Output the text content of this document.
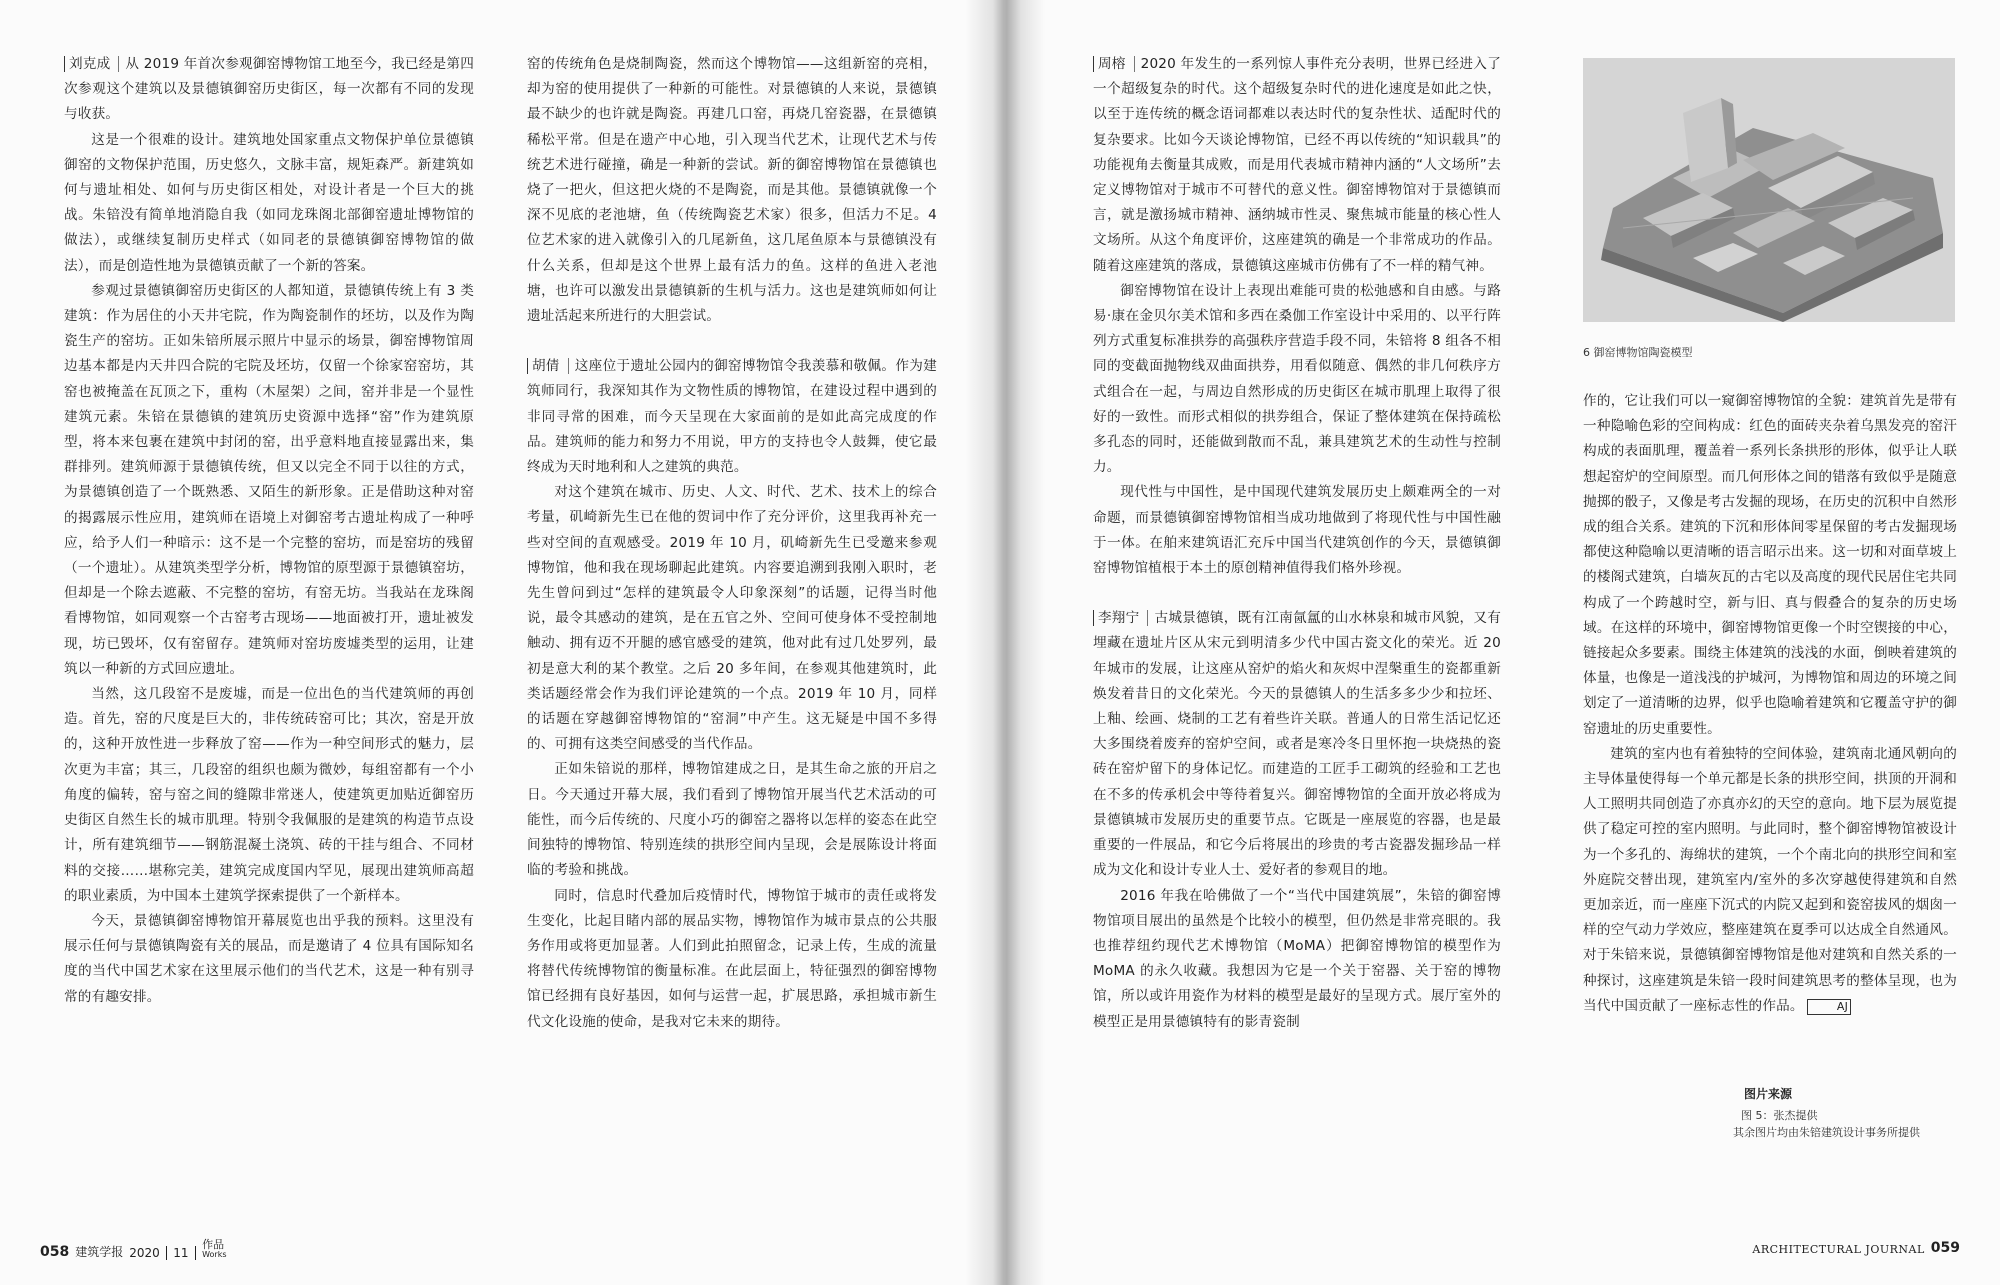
刘克成 从 2019 年首次参观御窑博物馆工地至今，我已经是第四次参观这个建筑以及景德镇御窑历史街区，每一次都有不同的发现与收获。

这是一个很难的设计。建筑地处国家重点文物保护单位景德镇御窑的文物保护范围，历史悠久，文脉丰富，规矩森严。新建筑如何与遗址相处、如何与历史街区相处，对设计者是一个巨大的挑战。朱锫没有简单地消隐自我（如同龙珠阁北部御窑遗址博物馆的做法），或继续复制历史样式（如同老的景德镇御窑博物馆的做法），而是创造性地为景德镇贡献了一个新的答案。

参观过景德镇御窑历史街区的人都知道，景德镇传统上有 3 类建筑：作为居住的小天井宅院，作为陶瓷制作的坯坊，以及作为陶瓷生产的窑坊。正如朱锫所展示照片中显示的场景，御窑博物馆周边基本都是内天井四合院的宅院及坯坊，仅留一个徐家窑窑坊，其窑也被掩盖在瓦顶之下，重构（木屋架）之间，窑并非是一个显性建筑元素。朱锫在景德镇的建筑历史资源中选择“窑”作为建筑原型，将本来包裹在建筑中封闭的窑，出乎意料地直接显露出来，集群排列。建筑师源于景德镇传统，但又以完全不同于以往的方式，为景德镇创造了一个既熟悉、又陌生的新形象。正是借助这种对窑的揭露展示性应用，建筑师在语境上对御窑考古遗址构成了一种呼应，给予人们一种暗示：这不是一个完整的窑坊，而是窑坊的残留（一个遗址）。从建筑类型学分析，博物馆的原型源于景德镇窑坊，但却是一个除去遮蔽、不完整的窑坊，有窑无坊。当我站在龙珠阁看博物馆，如同观察一个古窑考古现场——地面被打开，遗址被发现，坊已毁坏，仅有窑留存。建筑师对窑坊废墟类型的运用，让建筑以一种新的方式回应遗址。

当然，这几段窑不是废墟，而是一位出色的当代建筑师的再创造。首先，窑的尺度是巨大的，非传统砖窑可比；其次，窑是开放的，这种开放性进一步释放了窑——作为一种空间形式的魅力，层次更为丰富；其三，几段窑的组织也颇为微妙，每组窑都有一个小角度的偏转，窑与窑之间的缝隙非常迷人，使建筑更加贴近御窑历史街区自然生长的城市肌理。特别令我佩服的是建筑的构造节点设计，所有建筑细节——钢筋混凝土浇筑、砖的干挂与组合、不同材料的交接……堪称完美，建筑完成度国内罕见，展现出建筑师高超的职业素质，为中国本土建筑学探索提供了一个新样本。

今天，景德镇御窑博物馆开幕展览也出乎我的预料。这里没有展示任何与景德镇陶瓷有关的展品，而是邀请了 4 位具有国际知名度的当代中国艺术家在这里展示他们的当代艺术，这是一种有别寻常的有趣安排。

窑的传统角色是烧制陶瓷，然而这个博物馆——这组新窑的亮相，却为窑的使用提供了一种新的可能性。对景德镇的人来说，景德镇最不缺少的也许就是陶瓷。再建几口窑，再烧几窑瓷器，在景德镇稀松平常。但是在遗产中心地，引入现当代艺术，让现代艺术与传统艺术进行碰撞，确是一种新的尝试。新的御窑博物馆在景德镇也烧了一把火，但这把火烧的不是陶瓷，而是其他。景德镇就像一个深不见底的老池塘，鱼（传统陶瓷艺术家）很多，但活力不足。4 位艺术家的进入就像引入的几尾新鱼，这几尾鱼原本与景德镇没有什么关系，但却是这个世界上最有活力的鱼。这样的鱼进入老池塘，也许可以激发出景德镇新的生机与活力。这也是建筑师如何让遗址活起来所进行的大胆尝试。

胡倩 这座位于遗址公园内的御窑博物馆令我羡慕和敬佩。作为建筑师同行，我深知其作为文物性质的博物馆，在建设过程中遇到的非同寻常的困难，而今天呈现在大家面前的是如此高完成度的作品。建筑师的能力和努力不用说，甲方的支持也令人鼓舞，使它最终成为天时地利和人之建筑的典范。

对这个建筑在城市、历史、人文、时代、艺术、技术上的综合考量，矶崎新先生已在他的贺词中作了充分评价，这里我再补充一些对空间的直观感受。2019 年 10 月，矶崎新先生已受邀来参观博物馆，他和我在现场聊起此建筑。内容要追溯到我刚入职时，老先生曾问到过“怎样的建筑最令人印象深刻”的话题，记得当时他说，最令其感动的建筑，是在五官之外、空间可使身体不受控制地触动、拥有迈不开腿的感官感受的建筑，他对此有过几处罗列，最初是意大利的某个教堂。之后 20 多年间，在参观其他建筑时，此类话题经常会作为我们评论建筑的一个点。2019 年 10 月，同样的话题在穿越御窑博物馆的“窑洞”中产生。这无疑是中国不多得的、可拥有这类空间感受的当代作品。

正如朱锫说的那样，博物馆建成之日，是其生命之旅的开启之日。今天通过开幕大展，我们看到了博物馆开展当代艺术活动的可能性，而今后传统的、尺度小巧的御窑之器将以怎样的姿态在此空间独特的博物馆、特别连续的拱形空间内呈现，会是展陈设计将面临的考验和挑战。

同时，信息时代叠加后疫情时代，博物馆于城市的责任或将发生变化，比起目睹内部的展品实物，博物馆作为城市景点的公共服务作用或将更加显著。人们到此拍照留念，记录上传，生成的流量将替代传统博物馆的衡量标准。在此层面上，特征强烈的御窑博物馆已经拥有良好基因，如何与运营一起，扩展思路，承担城市新生代文化设施的使命，是我对它未来的期待。

周榕 2020 年发生的一系列惊人事件充分表明，世界已经进入了一个超级复杂的时代。这个超级复杂时代的进化速度是如此之快，以至于连传统的概念语词都难以表达时代的复杂性状、适配时代的复杂要求。比如今天谈论博物馆，已经不再以传统的“知识载具”的功能视角去衡量其成败，而是用代表城市精神内涵的“人文场所”去定义博物馆对于城市不可替代的意义性。御窑博物馆对于景德镇而言，就是激扬城市精神、涵纳城市性灵、聚焦城市能量的核心性人文场所。从这个角度评价，这座建筑的确是一个非常成功的作品。随着这座建筑的落成，景德镇这座城市仿佛有了不一样的精气神。

御窑博物馆在设计上表现出难能可贵的松弛感和自由感。与路易·康在金贝尔美术馆和多西在桑伽工作室设计中采用的、以平行阵列方式重复标准拱券的高强秩序营造手段不同，朱锫将 8 组各不相同的变截面抛物线双曲面拱券，用看似随意、偶然的非几何秩序方式组合在一起，与周边自然形成的历史街区在城市肌理上取得了很好的一致性。而形式相似的拱券组合，保证了整体建筑在保持疏松多孔态的同时，还能做到散而不乱，兼具建筑艺术的生动性与控制力。

现代性与中国性，是中国现代建筑发展历史上颇难两全的一对命题，而景德镇御窑博物馆相当成功地做到了将现代性与中国性融于一体。在舶来建筑语汇充斥中国当代建筑创作的今天，景德镇御窑博物馆植根于本土的原创精神值得我们格外珍视。

李翔宁 古城景德镇，既有江南氤氲的山水林泉和城市风貌，又有埋藏在遗址片区从宋元到明清多少代中国古瓷文化的荣光。近 20 年城市的发展，让这座从窑炉的焰火和灰烬中涅槃重生的瓷都重新焕发着昔日的文化荣光。今天的景德镇人的生活多多少少和拉坯、上釉、绘画、烧制的工艺有着些许关联。普通人的日常生活记忆还大多围绕着废弃的窑炉空间，或者是寒冷冬日里怀抱一块烧热的瓷砖在窑炉留下的身体记忆。而建造的工匠手工砌筑的经验和工艺也在不多的传承机会中等待着复兴。御窑博物馆的全面开放必将成为景德镇城市发展历史的重要节点。它既是一座展览的容器，也是最重要的一件展品，和它今后将展出的珍贵的考古瓷器发掘珍品一样成为文化和设计专业人士、爱好者的参观目的地。

2016 年我在哈佛做了一个“当代中国建筑展”，朱锫的御窑博物馆项目展出的虽然是个比较小的模型，但仍然是非常亮眼的。我也推荐纽约现代艺术博物馆（MoMA）把御窑博物馆的模型作为 MoMA 的永久收藏。我想因为它是一个关于窑器、关于窑的博物馆，所以或许用瓷作为材料的模型是最好的呈现方式。展厅室外的模型正是用景德镇特有的影青瓷制

作的，它让我们可以一窥御窑博物馆的全貌：建筑首先是带有一种隐喻色彩的空间构成：红色的面砖夹杂着乌黑发亮的窑汗构成的表面肌理，覆盖着一系列长条拱形的形体，似乎让人联想起窑炉的空间原型。而几何形体之间的错落有致似乎是随意抛掷的骰子，又像是考古发掘的现场，在历史的沉积中自然形成的组合关系。建筑的下沉和形体间零星保留的考古发掘现场都使这种隐喻以更清晰的语言昭示出来。这一切和对面草坡上的楼阁式建筑，白墙灰瓦的古宅以及高度的现代民居住宅共同构成了一个跨越时空，新与旧、真与假叠合的复杂的历史场域。在这样的环境中，御窑博物馆更像一个时空锲接的中心，链接起众多要素。围绕主体建筑的浅浅的水面，倒映着建筑的体量，也像是一道浅浅的护城河，为博物馆和周边的环境之间划定了一道清晰的边界，似乎也隐喻着建筑和它覆盖守护的御窑遗址的历史重要性。

建筑的室内也有着独特的空间体验，建筑南北通风朝向的主导体量使得每一个单元都是长条的拱形空间，拱顶的开洞和人工照明共同创造了亦真亦幻的天空的意向。地下层为展览提供了稳定可控的室内照明。与此同时，整个御窑博物馆被设计为一个多孔的、海绵状的建筑，一个个南北向的拱形空间和室外庭院交替出现，建筑室内/室外的多次穿越使得建筑和自然更加亲近，而一座座下沉式的内院又起到和瓷窑拔风的烟囱一样的空气动力学效应，整座建筑在夏季可以达成全自然通风。对于朱锫来说，景德镇御窑博物馆是他对建筑和自然关系的一种探讨，这座建筑是朱锫一段时间建筑思考的整体呈现，也为当代中国贡献了一座标志性的作品。	AJ

6 御窑博物馆陶瓷模型
图片来源
图 5：张杰提供
其余图片均由朱锫建筑设计事务所提供
058 建筑学报 2020 11
作品
Works	ARCHITECTURAL JOURNAL 059
